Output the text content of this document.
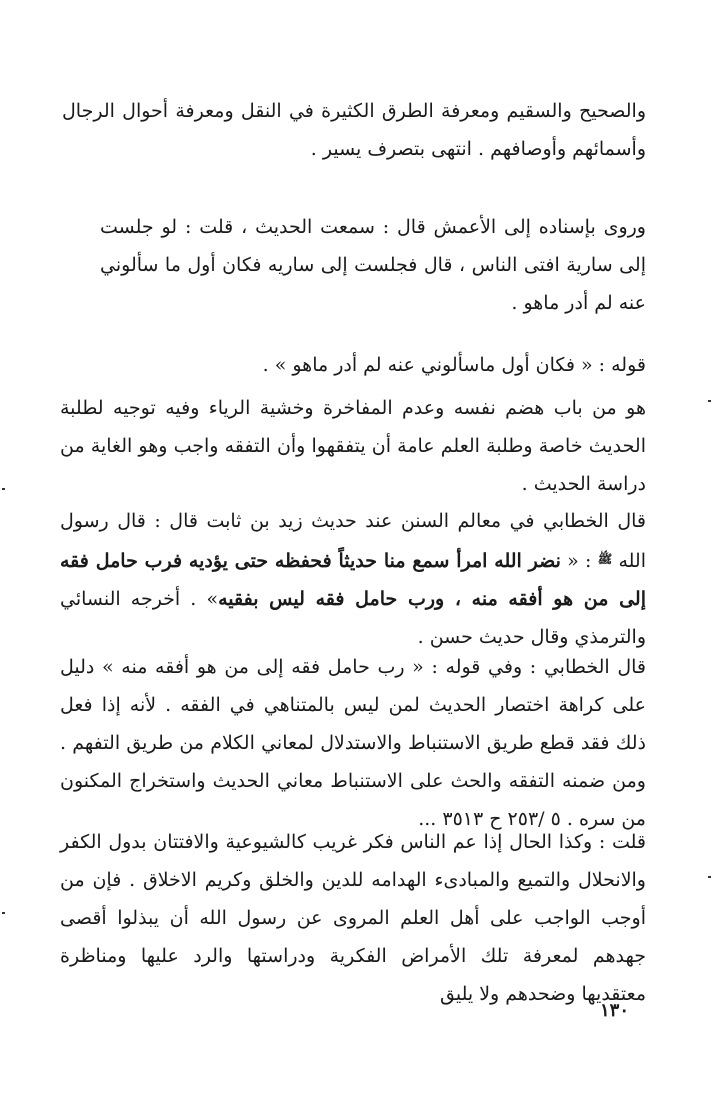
والصحيح والسقيم ومعرفة الطرق الكثيرة في النقل ومعرفة أحوال الرجال وأسمائهم وأوصافهم . انتهى بتصرف يسير .
وروى بإسناده إلى الأعمش قال : سمعت الحديث ، قلت : لو جلست إلى سارية افتى الناس ، قال فجلست إلى ساريه فكان أول ما سألوني عنه لم أدر ماهو .
قوله : « فكان أول ماسألوني عنه لم أدر ماهو » .
هو من باب هضم نفسه وعدم المفاخرة وخشية الرياء وفيه توجيه لطلبة الحديث خاصة وطلبة العلم عامة أن يتفقهوا وأن التفقه واجب وهو الغاية من دراسة الحديث .
قال الخطابي في معالم السنن عند حديث زيد بن ثابت قال : قال رسول الله $^ﷺ$ : « نضر الله امرأ سمع منا حديثاً فحفظه حتى يؤديه فرب حامل فقه إلى من هو أفقه منه ، ورب حامل فقه ليس بفقيه» . أخرجه النسائي والترمذي وقال حديث حسن .
قال الخطابي : وفي قوله : « رب حامل فقه إلى من هو أفقه منه » دليل على كراهة اختصار الحديث لمن ليس بالمتناهي في الفقه . لأنه إذا فعل ذلك فقد قطع طريق الاستنباط والاستدلال لمعاني الكلام من طريق التفهم . ومن ضمنه التفقه والحث على الاستنباط معاني الحديث واستخراج المكنون من سره . ٥ /٢٥٣ ح ٣٥١٣ ...
قلت : وكذا الحال إذا عم الناس فكر غريب كالشيوعية والافتتان بدول الكفر والانحلال والتميع والمبادىء الهدامه للدين والخلق وكريم الاخلاق . فإن من أوجب الواجب على أهل العلم المروى عن رسول الله أن يبذلوا أقصى جهدهم لمعرفة تلك الأمراض الفكرية ودراستها والرد عليها ومناظرة معتقديها وضحدهم ولا يليق
١٣٠
